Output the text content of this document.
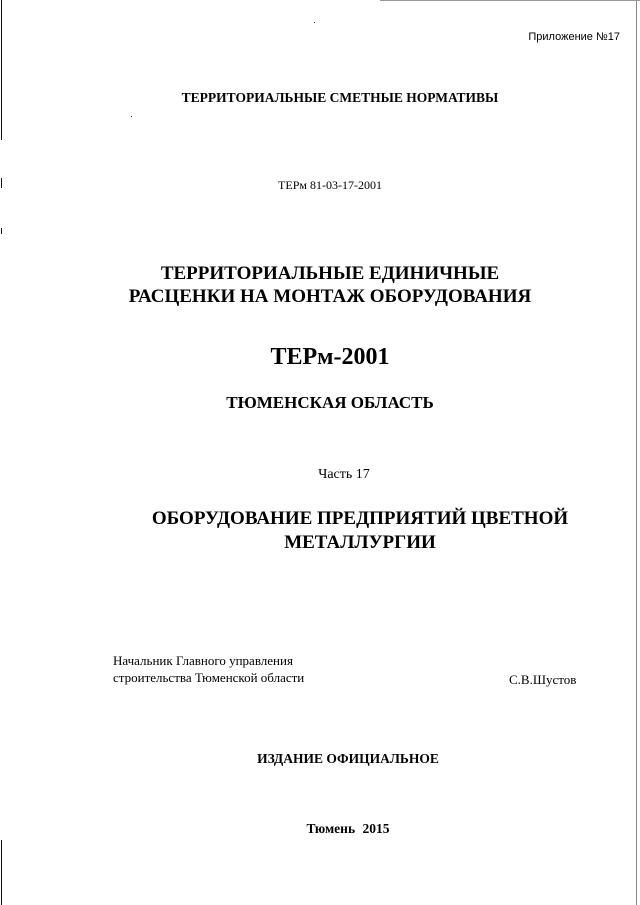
Приложение №17
ТЕРРИТОРИАЛЬНЫЕ СМЕТНЫЕ НОРМАТИВЫ
ТЕРм 81-03-17-2001
ТЕРРИТОРИАЛЬНЫЕ ЕДИНИЧНЫЕ
РАСЦЕНКИ НА МОНТАЖ ОБОРУДОВАНИЯ
ТЕРм-2001
ТЮМЕНСКАЯ ОБЛАСТЬ
Часть 17
ОБОРУДОВАНИЕ ПРЕДПРИЯТИЙ ЦВЕТНОЙ
МЕТАЛЛУРГИИ
Начальник Главного управления
строительства Тюменской области	С.В.Шустов
ИЗДАНИЕ ОФИЦИАЛЬНОЕ
Тюмень 2015
